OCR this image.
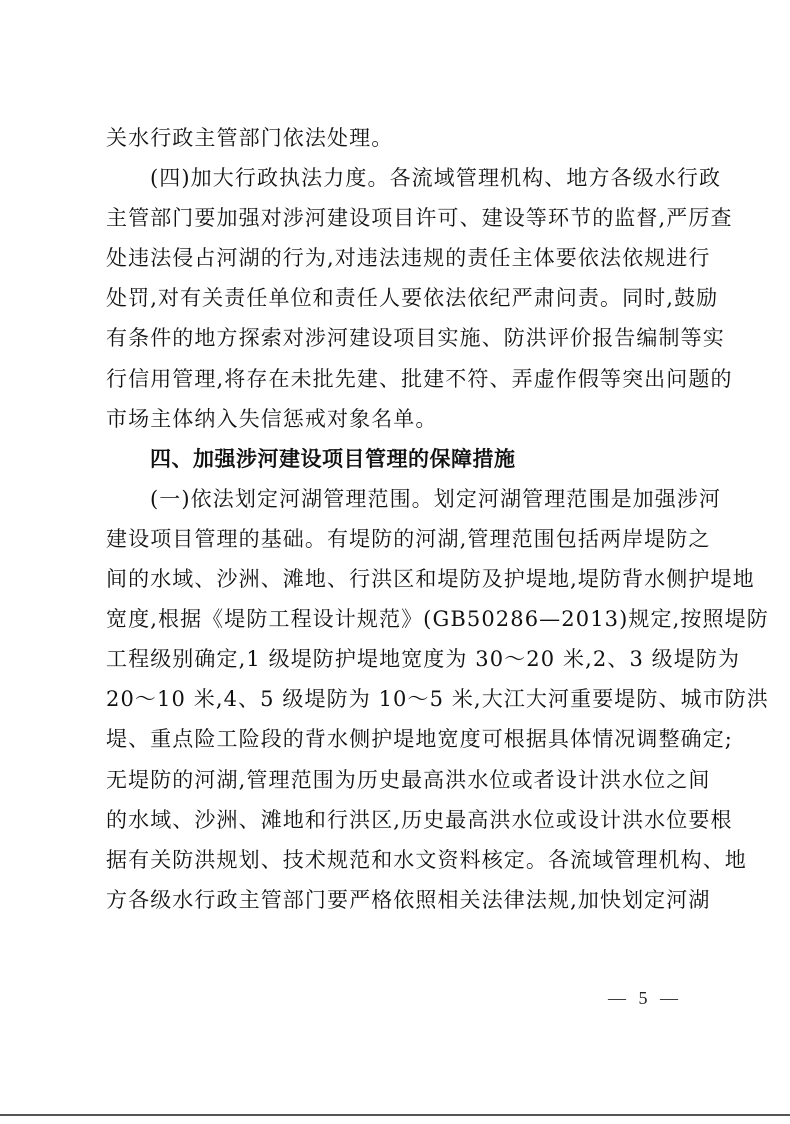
关水行政主管部门依法处理。
(四)加大行政执法力度。各流域管理机构、地方各级水行政
主管部门要加强对涉河建设项目许可、建设等环节的监督,严厉查
处违法侵占河湖的行为,对违法违规的责任主体要依法依规进行
处罚,对有关责任单位和责任人要依法依纪严肃问责。同时,鼓励
有条件的地方探索对涉河建设项目实施、防洪评价报告编制等实
行信用管理,将存在未批先建、批建不符、弄虚作假等突出问题的
市场主体纳入失信惩戒对象名单。
四、加强涉河建设项目管理的保障措施
(一)依法划定河湖管理范围。划定河湖管理范围是加强涉河
建设项目管理的基础。有堤防的河湖,管理范围包括两岸堤防之
间的水域、沙洲、滩地、行洪区和堤防及护堤地,堤防背水侧护堤地
宽度,根据《堤防工程设计规范》(GB50286—2013)规定,按照堤防
工程级别确定,1 级堤防护堤地宽度为 30～20 米,2、3 级堤防为
20～10 米,4、5 级堤防为 10～5 米,大江大河重要堤防、城市防洪
堤、重点险工险段的背水侧护堤地宽度可根据具体情况调整确定;
无堤防的河湖,管理范围为历史最高洪水位或者设计洪水位之间
的水域、沙洲、滩地和行洪区,历史最高洪水位或设计洪水位要根
据有关防洪规划、技术规范和水文资料核定。各流域管理机构、地
方各级水行政主管部门要严格依照相关法律法规,加快划定河湖
— 5 —
